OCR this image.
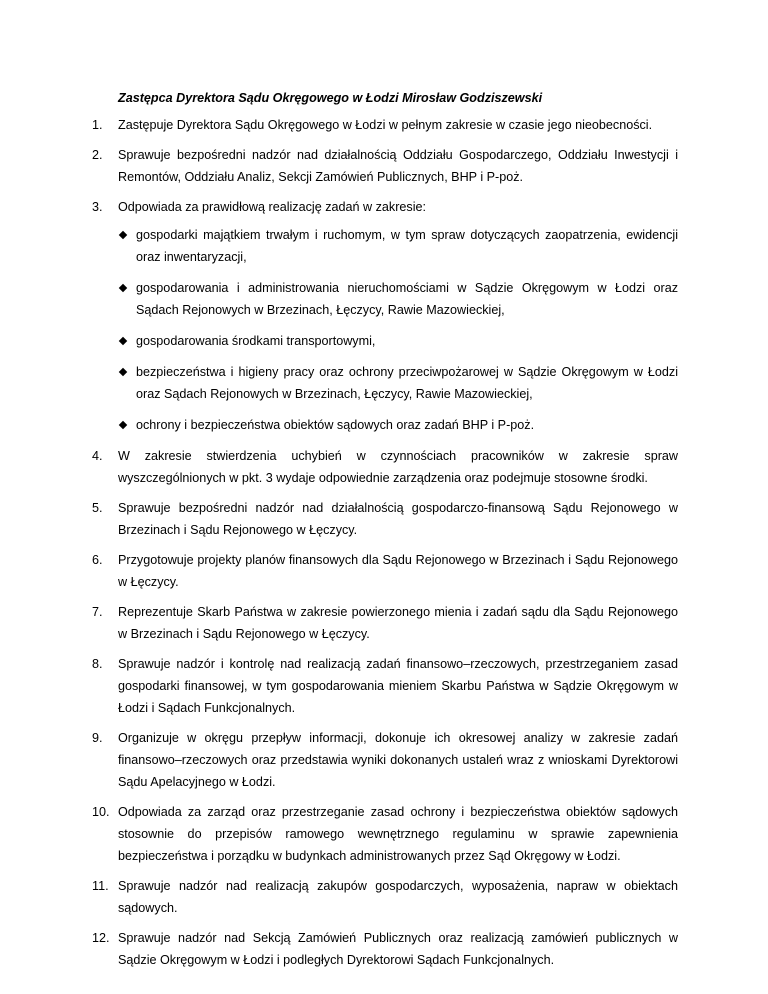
Zastępca Dyrektora Sądu Okręgowego w Łodzi Mirosław Godziszewski
1.	Zastępuje Dyrektora Sądu Okręgowego w Łodzi w pełnym zakresie w czasie jego nieobecności.
2.	Sprawuje bezpośredni nadzór nad działalnością Oddziału Gospodarczego, Oddziału Inwestycji i Remontów, Oddziału Analiz, Sekcji Zamówień Publicznych, BHP i P-poż.
3.	Odpowiada za prawidłową realizację zadań w zakresie:
gospodarki majątkiem trwałym i ruchomym, w tym spraw dotyczących zaopatrzenia, ewidencji oraz inwentaryzacji,
gospodarowania i administrowania nieruchomościami w Sądzie Okręgowym w Łodzi oraz Sądach Rejonowych w Brzezinach, Łęczycy, Rawie Mazowieckiej,
gospodarowania środkami transportowymi,
bezpieczeństwa i higieny pracy oraz ochrony przeciwpożarowej w Sądzie Okręgowym w Łodzi oraz Sądach Rejonowych w Brzezinach, Łęczycy, Rawie Mazowieckiej,
ochrony i bezpieczeństwa obiektów sądowych oraz zadań BHP i P-poż.
4.	W zakresie stwierdzenia uchybień w czynnościach pracowników w zakresie spraw wyszczególnionych w pkt. 3 wydaje odpowiednie zarządzenia oraz podejmuje stosowne środki.
5.	Sprawuje bezpośredni nadzór nad działalnością gospodarczo-finansową Sądu Rejonowego w Brzezinach i Sądu Rejonowego w Łęczycy.
6.	Przygotowuje projekty planów finansowych dla Sądu Rejonowego w Brzezinach i Sądu Rejonowego w Łęczycy.
7.	Reprezentuje Skarb Państwa w zakresie powierzonego mienia i zadań sądu dla Sądu Rejonowego w Brzezinach i Sądu Rejonowego w Łęczycy.
8.	Sprawuje nadzór i kontrolę nad realizacją zadań finansowo–rzeczowych, przestrzeganiem zasad gospodarki finansowej, w tym gospodarowania mieniem Skarbu Państwa w Sądzie Okręgowym w Łodzi i Sądach Funkcjonalnych.
9.	Organizuje w okręgu przepływ informacji, dokonuje ich okresowej analizy w zakresie zadań finansowo–rzeczowych oraz przedstawia wyniki dokonanych ustaleń wraz z wnioskami Dyrektorowi Sądu Apelacyjnego w Łodzi.
10. Odpowiada za zarząd oraz przestrzeganie zasad ochrony i bezpieczeństwa obiektów sądowych stosownie do przepisów ramowego wewnętrznego regulaminu w sprawie zapewnienia bezpieczeństwa i porządku w budynkach administrowanych przez Sąd Okręgowy w Łodzi.
11. Sprawuje nadzór nad realizacją zakupów gospodarczych, wyposażenia, napraw w obiektach sądowych.
12. Sprawuje nadzór nad Sekcją Zamówień Publicznych oraz realizacją zamówień publicznych w Sądzie Okręgowym w Łodzi i podległych Dyrektorowi Sądach Funkcjonalnych.
